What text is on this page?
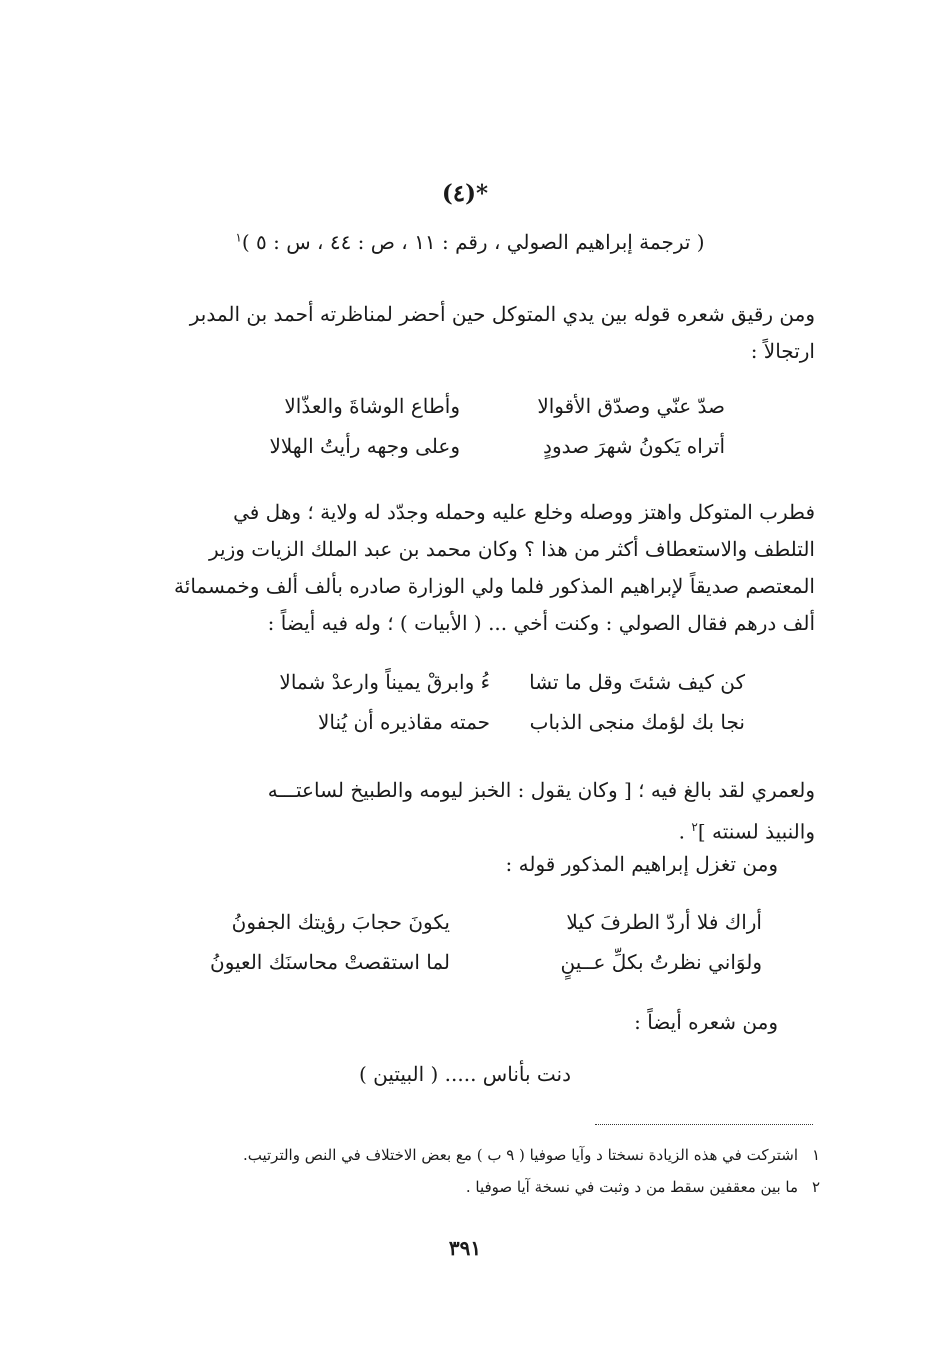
(٤)*
( ترجمة إبراهيم الصولي ، رقم : ١١ ، ص : ٤٤ ، س : ٥ )$^١$
ومن رقيق شعره قوله بين يدي المتوكل حين أحضر لمناظرته أحمد بن المدبر
ارتجالاً :
صدّ عنّي وصدّق الأقوالا
وأطاع الوشاةَ والعذّالا
أتراه يَكونُ شهرَ صدودٍ
وعلى وجهه رأيتُ الهلالا
فطرب المتوكل واهتز ووصله وخلع عليه وحمله وجدّد له ولاية ؛ وهل في
التلطف والاستعطاف أكثر من هذا ؟ وكان محمد بن عبد الملك الزيات وزير
المعتصم صديقاً لإبراهيم المذكور فلما ولي الوزارة صادره بألف ألف وخمسمائة
ألف درهم فقال الصولي : وكنت أخي ... ( الأبيات ) ؛ وله فيه أيضاً :
كن كيف شئتَ وقل ما تشا
ءُ وابرقْ يميناً وارعدْ شمالا
نجا بك لؤمك منجى الذباب
حمته مقاذيره أن يُنالا
ولعمري لقد بالغ فيه ؛ [ وكان يقول : الخبز ليومه والطبيخ لساعتـــه
والنبيذ لسنته ]$^٢$ .
ومن تغزل إبراهيم المذكور قوله :
أراك فلا أردّ الطرفَ كيلا
يكونَ حجابَ رؤيتك الجفونُ
ولوَاني نظرتُ بكلِّ عــينٍ
لما استقصتْ محاسنَك العيونُ
ومن شعره أيضاً :
دنت بأناس ..... ( البيتين )
١اشتركت في هذه الزيادة نسختا د وآيا صوفيا ( ٩ ب ) مع بعض الاختلاف في النص والترتيب.
٢ما بين معقفين سقط من د وثبت في نسخة آيا صوفيا .
٣٩١
